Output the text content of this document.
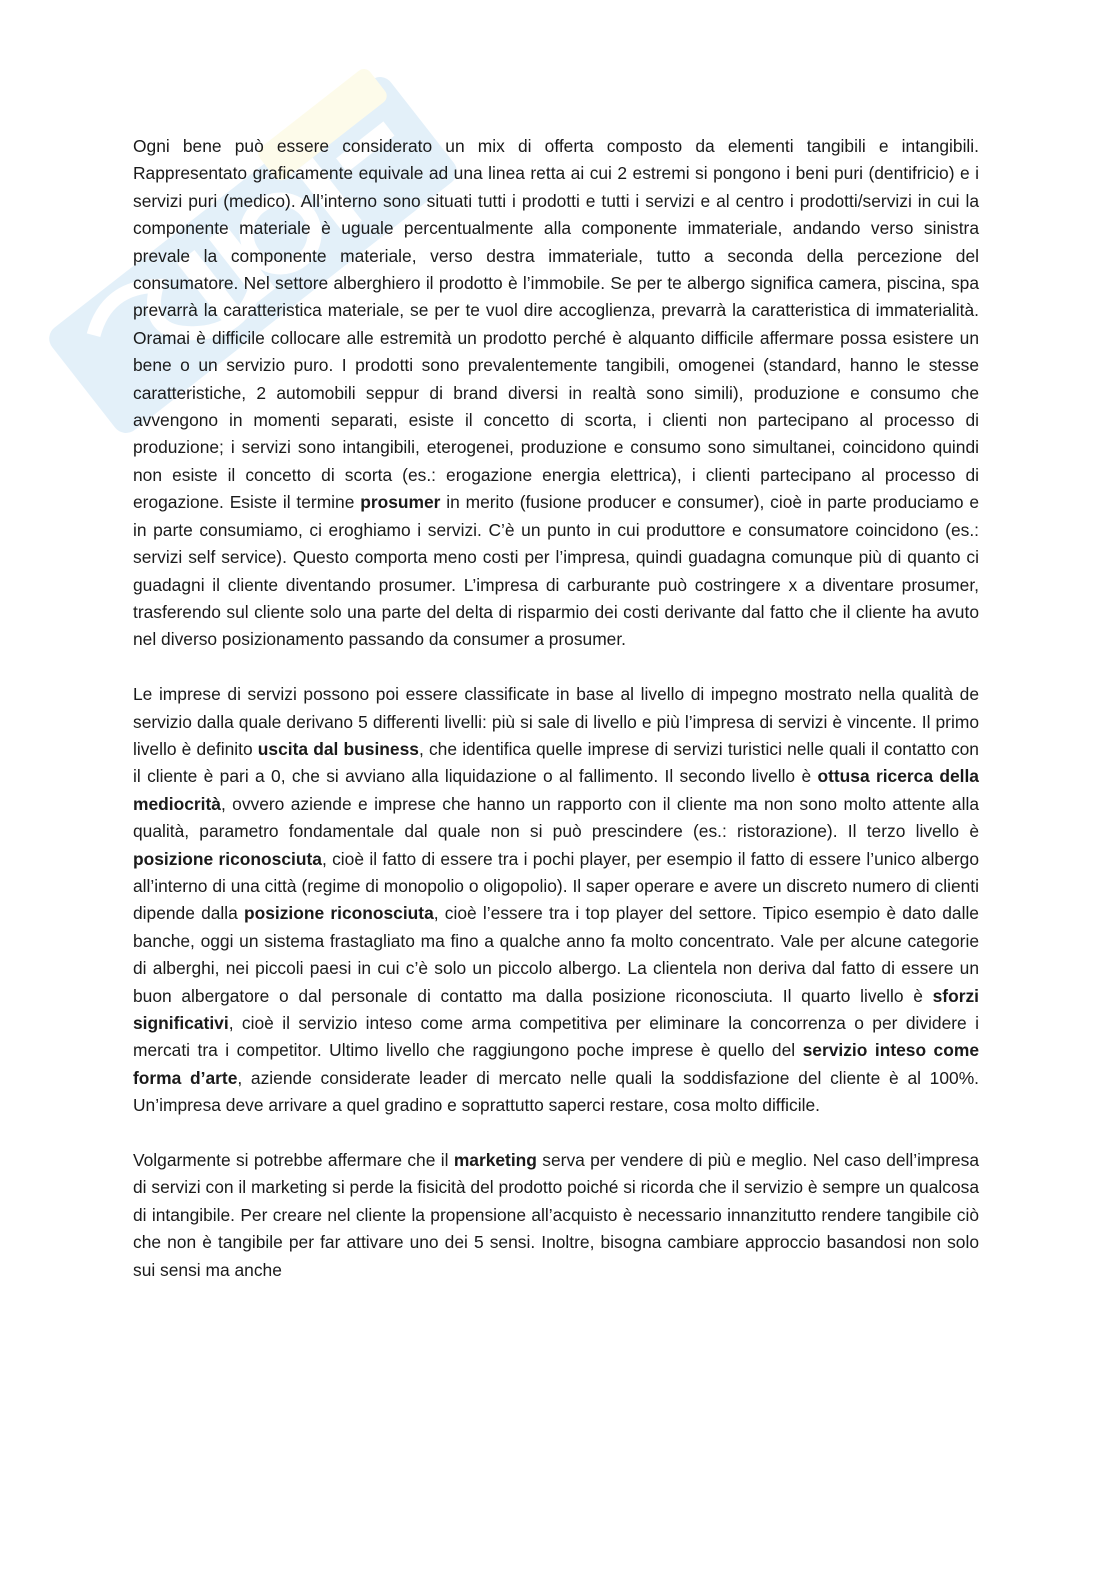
Ogni bene può essere considerato un mix di offerta composto da elementi tangibili e intangibili. Rappresentato graficamente equivale ad una linea retta ai cui 2 estremi si pongono i beni puri (dentifricio) e i servizi puri (medico). All’interno sono situati tutti i prodotti e tutti i servizi e al centro i prodotti/servizi in cui la componente materiale è uguale percentualmente alla componente immateriale, andando verso sinistra prevale la componente materiale, verso destra immateriale, tutto a seconda della percezione del consumatore. Nel settore alberghiero il prodotto è l’immobile. Se per te albergo significa camera, piscina, spa prevarrà la caratteristica materiale, se per te vuol dire accoglienza, prevarrà la caratteristica di immaterialità. Oramai è difficile collocare alle estremità un prodotto perché è alquanto difficile affermare possa esistere un bene o un servizio puro. I prodotti sono prevalentemente tangibili, omogenei (standard, hanno le stesse caratteristiche, 2 automobili seppur di brand diversi in realtà sono simili), produzione e consumo che avvengono in momenti separati, esiste il concetto di scorta, i clienti non partecipano al processo di produzione; i servizi sono intangibili, eterogenei, produzione e consumo sono simultanei, coincidono quindi non esiste il concetto di scorta (es.: erogazione energia elettrica), i clienti partecipano al processo di erogazione. Esiste il termine prosumer in merito (fusione producer e consumer), cioè in parte produciamo e in parte consumiamo, ci eroghiamo i servizi. C’è un punto in cui produttore e consumatore coincidono (es.: servizi self service). Questo comporta meno costi per l’impresa, quindi guadagna comunque più di quanto ci guadagni il cliente diventando prosumer. L’impresa di carburante può costringere x a diventare prosumer, trasferendo sul cliente solo una parte del delta di risparmio dei costi derivante dal fatto che il cliente ha avuto nel diverso posizionamento passando da consumer a prosumer.

Le imprese di servizi possono poi essere classificate in base al livello di impegno mostrato nella qualità de servizio dalla quale derivano 5 differenti livelli: più si sale di livello e più l’impresa di servizi è vincente. Il primo livello è definito uscita dal business, che identifica quelle imprese di servizi turistici nelle quali il contatto con il cliente è pari a 0, che si avviano alla liquidazione o al fallimento. Il secondo livello è ottusa ricerca della mediocrità, ovvero aziende e imprese che hanno un rapporto con il cliente ma non sono molto attente alla qualità, parametro fondamentale dal quale non si può prescindere (es.: ristorazione). Il terzo livello è posizione riconosciuta, cioè il fatto di essere tra i pochi player, per esempio il fatto di essere l’unico albergo all’interno di una città (regime di monopolio o oligopolio). Il saper operare e avere un discreto numero di clienti dipende dalla posizione riconosciuta, cioè l’essere tra i top player del settore. Tipico esempio è dato dalle banche, oggi un sistema frastagliato ma fino a qualche anno fa molto concentrato. Vale per alcune categorie di alberghi, nei piccoli paesi in cui c’è solo un piccolo albergo. La clientela non deriva dal fatto di essere un buon albergatore o dal personale di contatto ma dalla posizione riconosciuta. Il quarto livello è sforzi significativi, cioè il servizio inteso come arma competitiva per eliminare la concorrenza o per dividere i mercati tra i competitor. Ultimo livello che raggiungono poche imprese è quello del servizio inteso come forma d’arte, aziende considerate leader di mercato nelle quali la soddisfazione del cliente è al 100%. Un’impresa deve arrivare a quel gradino e soprattutto saperci restare, cosa molto difficile.

Volgarmente si potrebbe affermare che il marketing serva per vendere di più e meglio. Nel caso dell’impresa di servizi con il marketing si perde la fisicità del prodotto poiché si ricorda che il servizio è sempre un qualcosa di intangibile. Per creare nel cliente la propensione all’acquisto è necessario innanzitutto rendere tangibile ciò che non è tangibile per far attivare uno dei 5 sensi. Inoltre, bisogna cambiare approccio basandosi non solo sui sensi ma anche
